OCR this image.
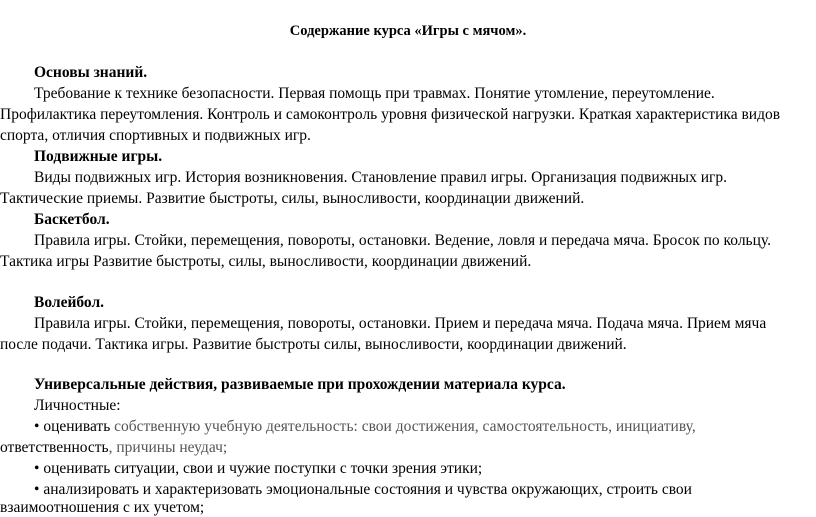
Содержание курса «Игры с мячом».
Основы знаний.
Требование к технике безопасности. Первая помощь при травмах. Понятие утомление, переутомление.
Профилактика переутомления. Контроль и самоконтроль уровня физической нагрузки. Краткая характеристика видов
спорта, отличия спортивных и подвижных игр.
Подвижные игры.
Виды подвижных игр. История возникновения. Становление правил игры. Организация подвижных игр.
Тактические приемы. Развитие быстроты, силы, выносливости, координации движений.
Баскетбол.
Правила игры. Стойки, перемещения, повороты, остановки. Ведение, ловля и передача мяча. Бросок по кольцу.
Тактика игры Развитие быстроты, силы, выносливости, координации движений.
Волейбол.
Правила игры. Стойки, перемещения, повороты, остановки. Прием и передача мяча. Подача мяча. Прием мяча
после подачи. Тактика игры. Развитие быстроты силы, выносливости, координации движений.
Универсальные действия, развиваемые при прохождении материала курса.
Личностные:
• оценивать собственную учебную деятельность: свои достижения, самостоятельность, инициативу,
ответственность, причины неудач;
• оценивать ситуации, свои и чужие поступки с точки зрения этики;
• анализировать и характеризовать эмоциональные состояния и чувства окружающих, строить свои
взаимоотношения с их учетом;
